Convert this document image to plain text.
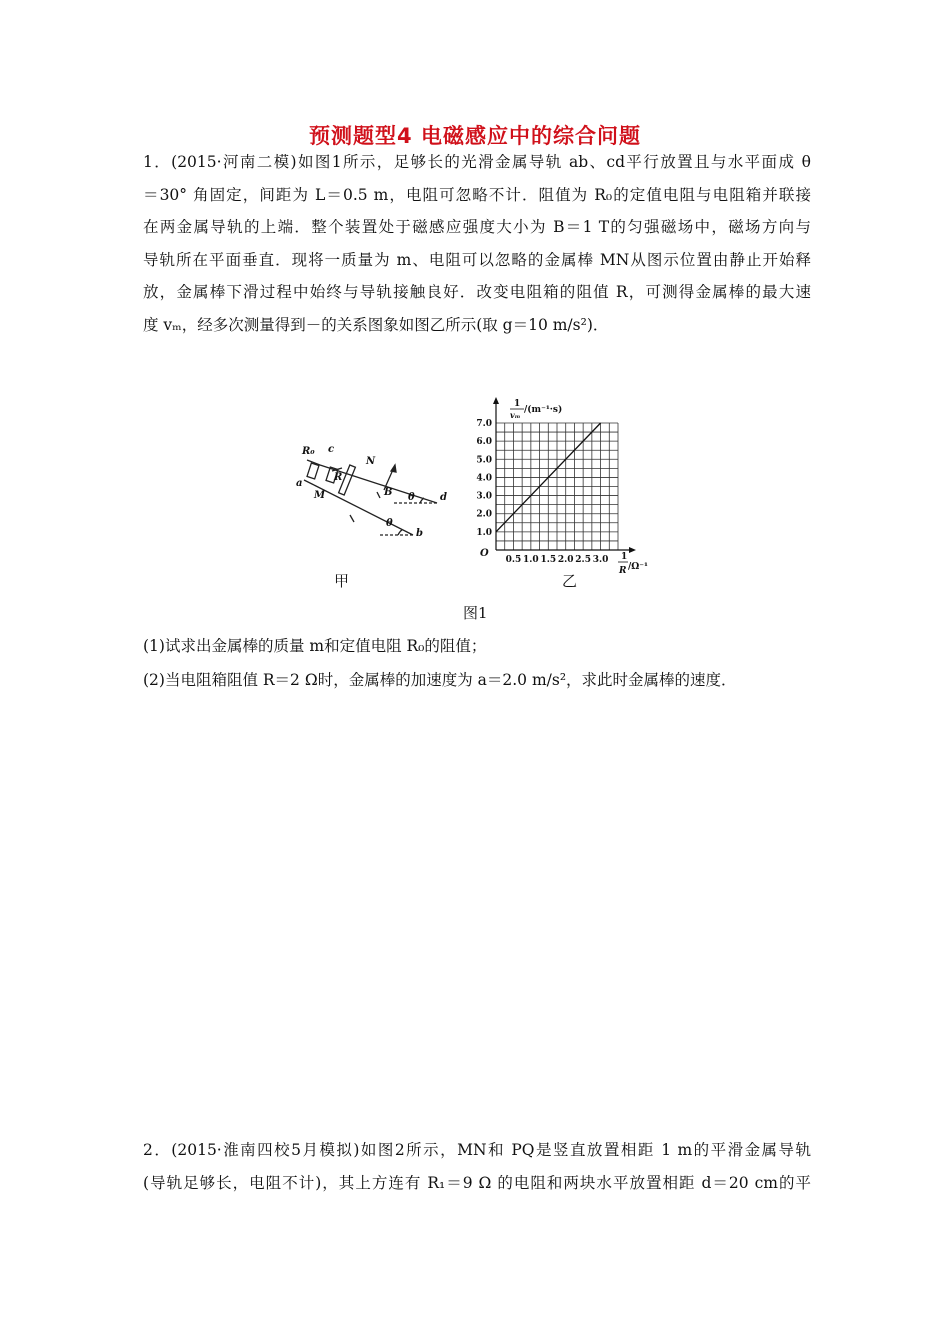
预测题型4 电磁感应中的综合问题
1．(2015·河南二模)如图1所示，足够长的光滑金属导轨 ab、cd平行放置且与水平面成 θ
＝30° 角固定，间距为 L＝0.5 m，电阻可忽略不计．阻值为 R₀的定值电阻与电阻箱并联接
在两金属导轨的上端．整个装置处于磁感应强度大小为 B＝1 T的匀强磁场中，磁场方向与
导轨所在平面垂直．现将一质量为 m、电阻可以忽略的金属棒 MN从图示位置由静止开始释
放，金属棒下滑过程中始终与导轨接触良好．改变电阻箱的阻值 R，可测得金属棒的最大速
度 vₘ，经多次测量得到－的关系图象如图乙所示(取 g＝10 m/s²)．
R₀ c
N
R
a
M	B θ	d
θ
b
甲
1.0
2.0
3.0
4.0
5.0
6.0
7.0
0.5 1.0 1.5 2.0 2.5 3.0
1
vₘ /(m⁻¹·s)
1
R /Ω⁻¹
O
乙
图1
(1)试求出金属棒的质量 m和定值电阻 R₀的阻值；
(2)当电阻箱阻值 R＝2 Ω时，金属棒的加速度为 a＝2.0 m/s²，求此时金属棒的速度．
2．(2015·淮南四校5月模拟)如图2所示，MN和 PQ是竖直放置相距 1 m的平滑金属导轨
(导轨足够长，电阻不计)，其上方连有 R₁＝9 Ω 的电阻和两块水平放置相距 d＝20 cm的平
